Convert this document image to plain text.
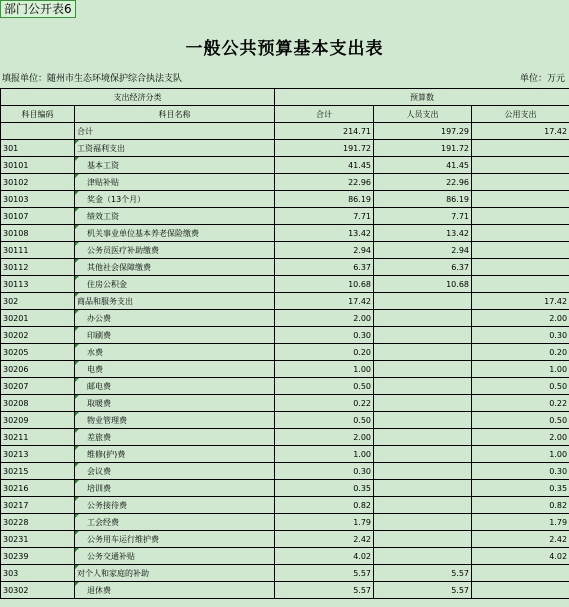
部门公开表6
一般公共预算基本支出表
填报单位：随州市生态环境保护综合执法支队	单位：万元
支出经济分类		预算数		
科目编码	科目名称	合计	人员支出	公用支出
	合计	214.71	197.29	17.42
301	工资福利支出	191.72	191.72	
30101	基本工资	41.45	41.45	
30102	津贴补贴	22.96	22.96	
30103	奖金（13个月）	86.19	86.19	
30107	绩效工资	7.71	7.71	
30108	机关事业单位基本养老保险缴费	13.42	13.42	
30111	公务员医疗补助缴费	2.94	2.94	
30112	其他社会保障缴费	6.37	6.37	
30113	住房公积金	10.68	10.68	
302	商品和服务支出	17.42		17.42
30201	办公费	2.00		2.00
30202	印刷费	0.30		0.30
30205	水费	0.20		0.20
30206	电费	1.00		1.00
30207	邮电费	0.50		0.50
30208	取暖费	0.22		0.22
30209	物业管理费	0.50		0.50
30211	差旅费	2.00		2.00
30213	维修(护)费	1.00		1.00
30215	会议费	0.30		0.30
30216	培训费	0.35		0.35
30217	公务接待费	0.82		0.82
30228	工会经费	1.79		1.79
30231	公务用车运行维护费	2.42		2.42
30239	公务交通补贴	4.02		4.02
303	对个人和家庭的补助	5.57	5.57	
30302	退休费	5.57	5.57	
